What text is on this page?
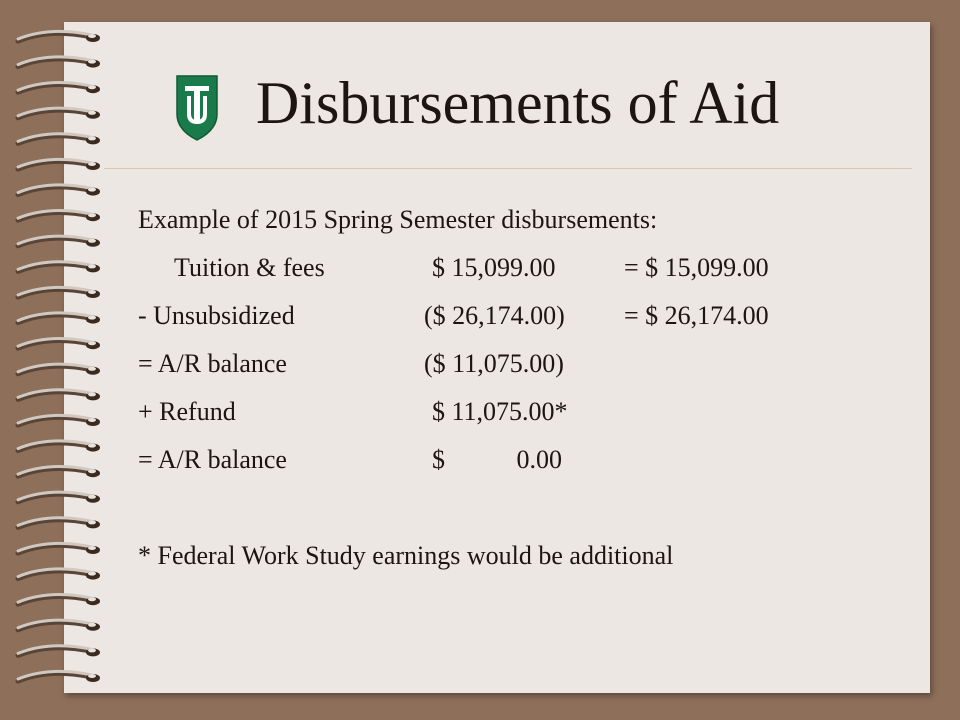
Disbursements of Aid
Example of 2015 Spring Semester disbursements:
Tuition & fees	$ 15,099.00	= $ 15,099.00
- Unsubsidized	($ 26,174.00) = $ 26,174.00
= A/R balance	($ 11,075.00)
+ Refund	$ 11,075.00*
= A/R balance	$           0.00
* Federal Work Study earnings would be additional
